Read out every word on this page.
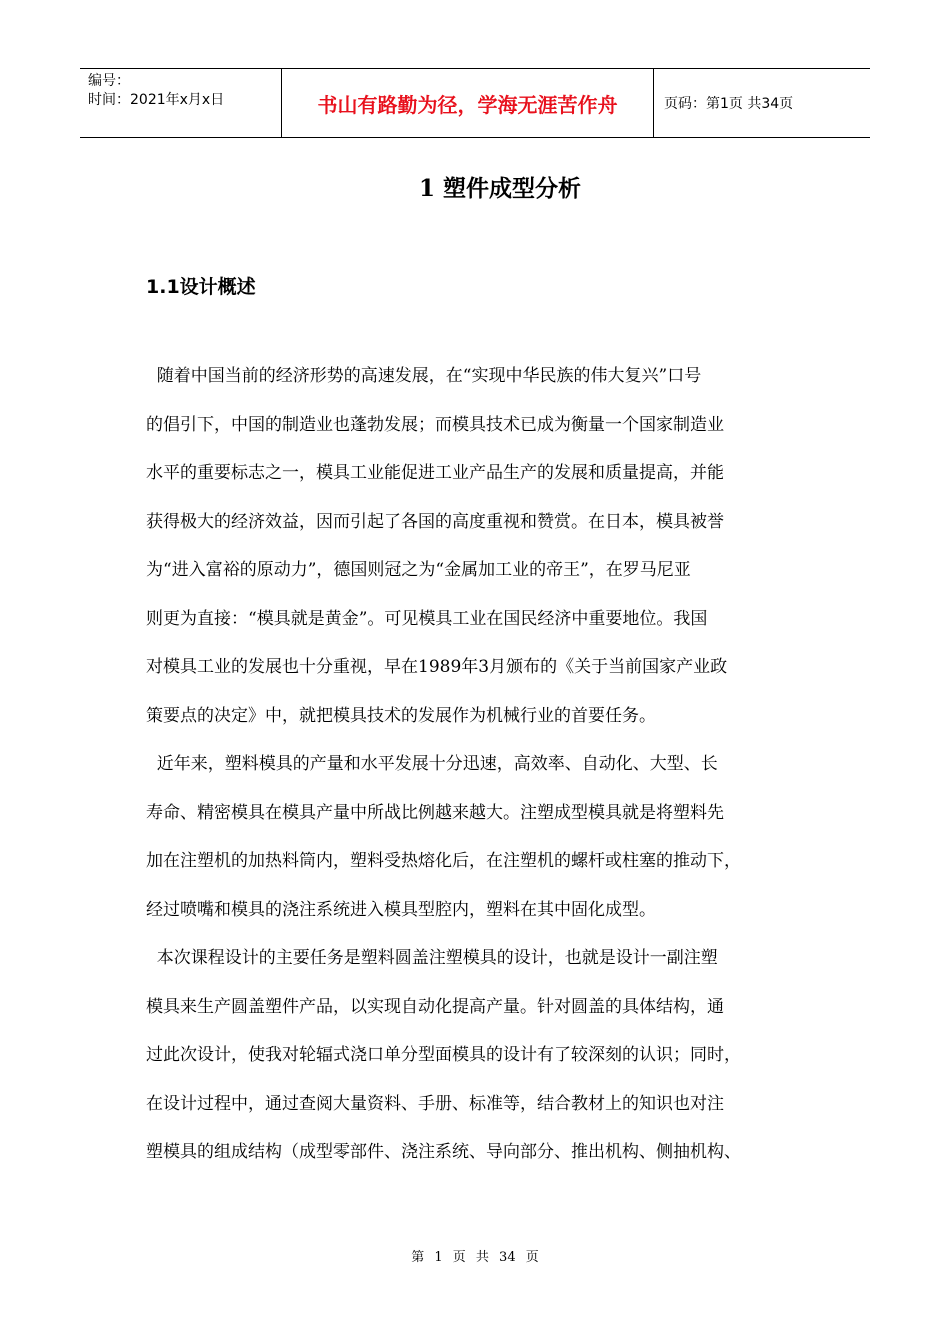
编号：
时间：2021年x月x日	书山有路勤为径，学海无涯苦作舟	页码：第1页 共34页
1 塑件成型分析
1.1设计概述
随着中国当前的经济形势的高速发展，在“实现中华民族的伟大复兴”口号
的倡引下，中国的制造业也蓬勃发展；而模具技术已成为衡量一个国家制造业
水平的重要标志之一，模具工业能促进工业产品生产的发展和质量提高，并能
获得极大的经济效益，因而引起了各国的高度重视和赞赏。在日本，模具被誉
为“进入富裕的原动力”，德国则冠之为“金属加工业的帝王”，在罗马尼亚
则更为直接：“模具就是黄金”。可见模具工业在国民经济中重要地位。我国
对模具工业的发展也十分重视，早在1989年3月颁布的《关于当前国家产业政
策要点的决定》中，就把模具技术的发展作为机械行业的首要任务。
近年来，塑料模具的产量和水平发展十分迅速，高效率、自动化、大型、长
寿命、精密模具在模具产量中所战比例越来越大。注塑成型模具就是将塑料先
加在注塑机的加热料筒内，塑料受热熔化后，在注塑机的螺杆或柱塞的推动下，
经过喷嘴和模具的浇注系统进入模具型腔内，塑料在其中固化成型。
本次课程设计的主要任务是塑料圆盖注塑模具的设计，也就是设计一副注塑
模具来生产圆盖塑件产品，以实现自动化提高产量。针对圆盖的具体结构，通
过此次设计，使我对轮辐式浇口单分型面模具的设计有了较深刻的认识；同时，
在设计过程中，通过查阅大量资料、手册、标准等，结合教材上的知识也对注
塑模具的组成结构（成型零部件、浇注系统、导向部分、推出机构、侧抽机构、
第 1 页 共 34 页
